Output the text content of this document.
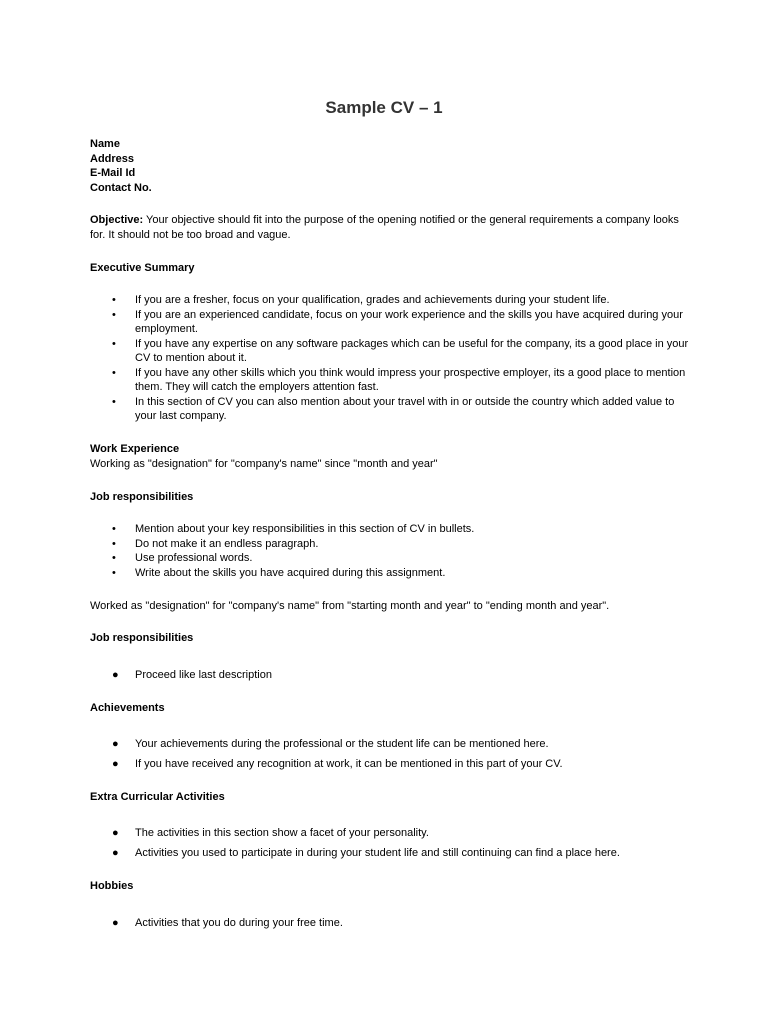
Sample CV – 1
Name
Address
E-Mail Id
Contact No.
Objective: Your objective should fit into the purpose of the opening notified or the general requirements a company looks for. It should not be too broad and vague.
Executive Summary
• If you are a fresher, focus on your qualification, grades and achievements during your student life.
• If you are an experienced candidate, focus on your work experience and the skills you have acquired during your employment.
• If you have any expertise on any software packages which can be useful for the company, its a good place in your CV to mention about it.
• If you have any other skills which you think would impress your prospective employer, its a good place to mention them. They will catch the employers attention fast.
• In this section of CV you can also mention about your travel with in or outside the country which added value to your last company.
Work Experience
Working as "designation" for "company's name" since "month and year"
Job responsibilities
• Mention about your key responsibilities in this section of CV in bullets.
• Do not make it an endless paragraph.
• Use professional words.
• Write about the skills you have acquired during this assignment.
Worked as "designation" for "company's name" from "starting month and year" to "ending month and year".
Job responsibilities
● Proceed like last description
Achievements
● Your achievements during the professional or the student life can be mentioned here.
● If you have received any recognition at work, it can be mentioned in this part of your CV.
Extra Curricular Activities
● The activities in this section show a facet of your personality.
● Activities you used to participate in during your student life and still continuing can find a place here.
Hobbies
● Activities that you do during your free time.
